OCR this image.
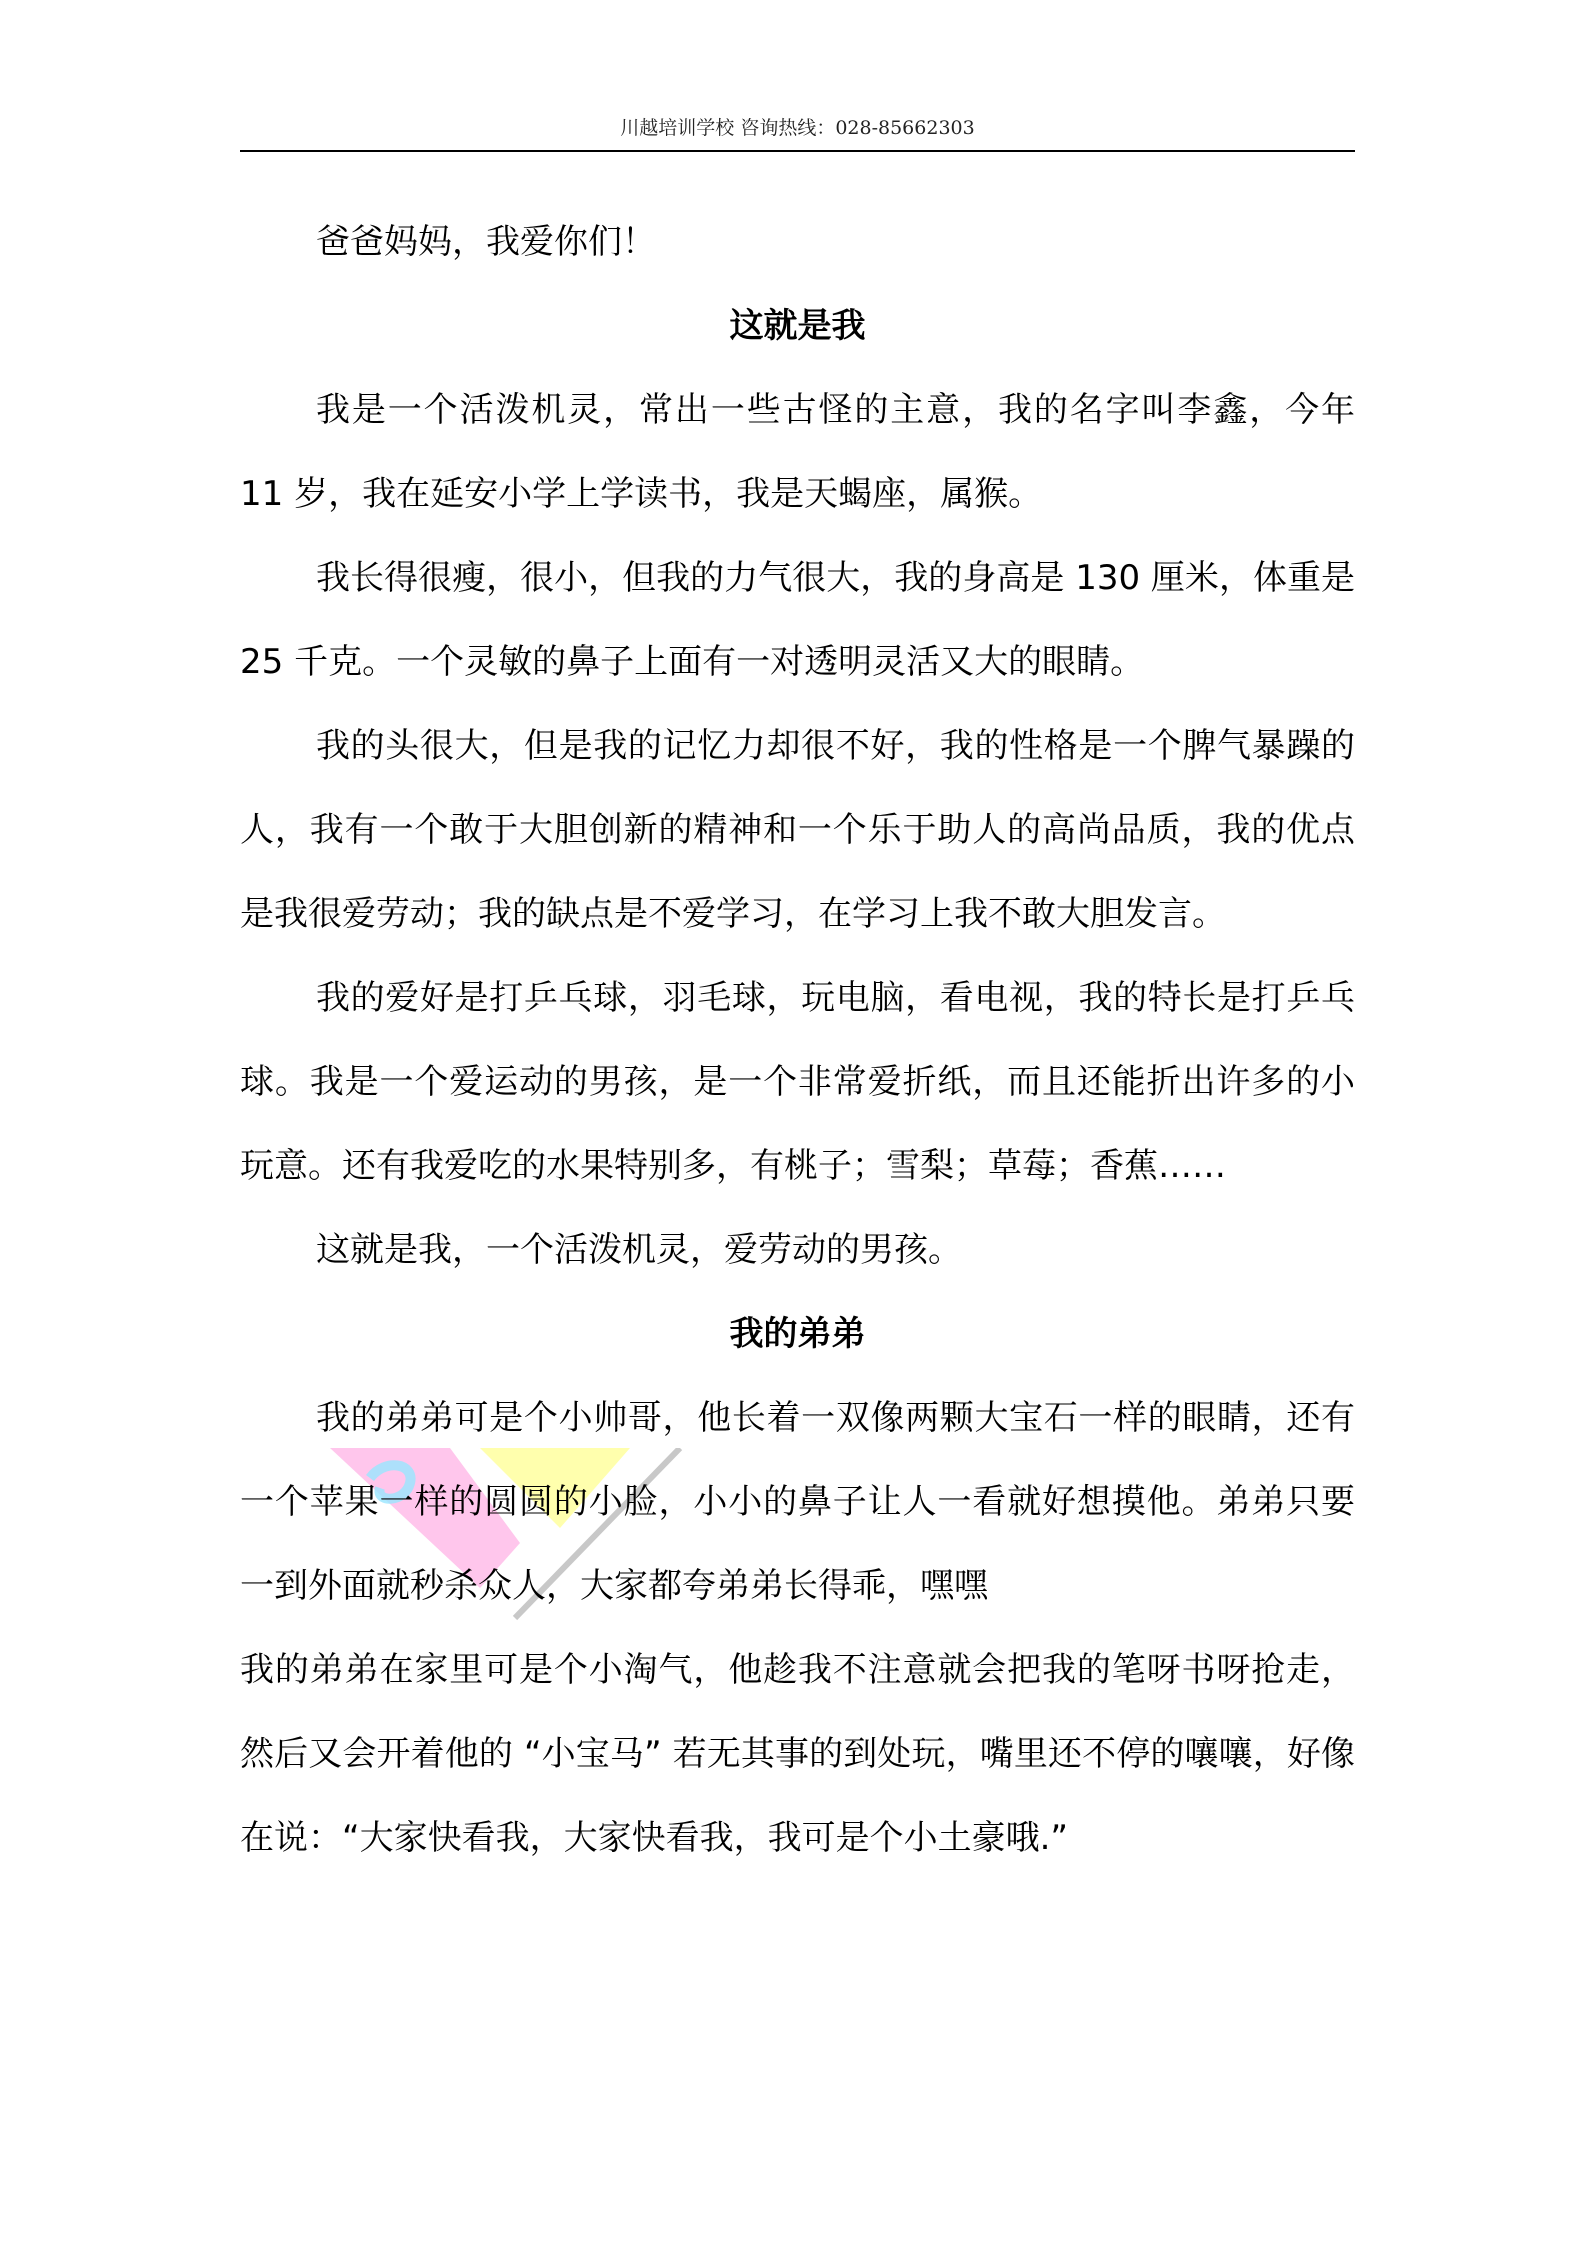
川越培训学校 咨询热线：028-85662303

爸爸妈妈，我爱你们！

这就是我

我是一个活泼机灵，常出一些古怪的主意，我的名字叫李鑫，今年 11 岁，我在延安小学上学读书，我是天蝎座，属猴。

我长得很瘦，很小，但我的力气很大，我的身高是 130 厘米，体重是 25 千克。一个灵敏的鼻子上面有一对透明灵活又大的眼睛。

我的头很大，但是我的记忆力却很不好，我的性格是一个脾气暴躁的人，我有一个敢于大胆创新的精神和一个乐于助人的高尚品质，我的优点是我很爱劳动；我的缺点是不爱学习，在学习上我不敢大胆发言。

我的爱好是打乒乓球，羽毛球，玩电脑，看电视，我的特长是打乒乓球。我是一个爱运动的男孩，是一个非常爱折纸，而且还能折出许多的小玩意。还有我爱吃的水果特别多，有桃子；雪梨；草莓；香蕉……

这就是我，一个活泼机灵，爱劳动的男孩。

我的弟弟

我的弟弟可是个小帅哥，他长着一双像两颗大宝石一样的眼睛，还有一个苹果一样的圆圆的小脸，小小的鼻子让人一看就好想摸他。弟弟只要一到外面就秒杀众人，大家都夸弟弟长得乖，嘿嘿

我的弟弟在家里可是个小淘气，他趁我不注意就会把我的笔呀书呀抢走，然后又会开着他的 “小宝马” 若无其事的到处玩，嘴里还不停的嚷嚷，好像在说：“大家快看我，大家快看我，我可是个小土豪哦.”
